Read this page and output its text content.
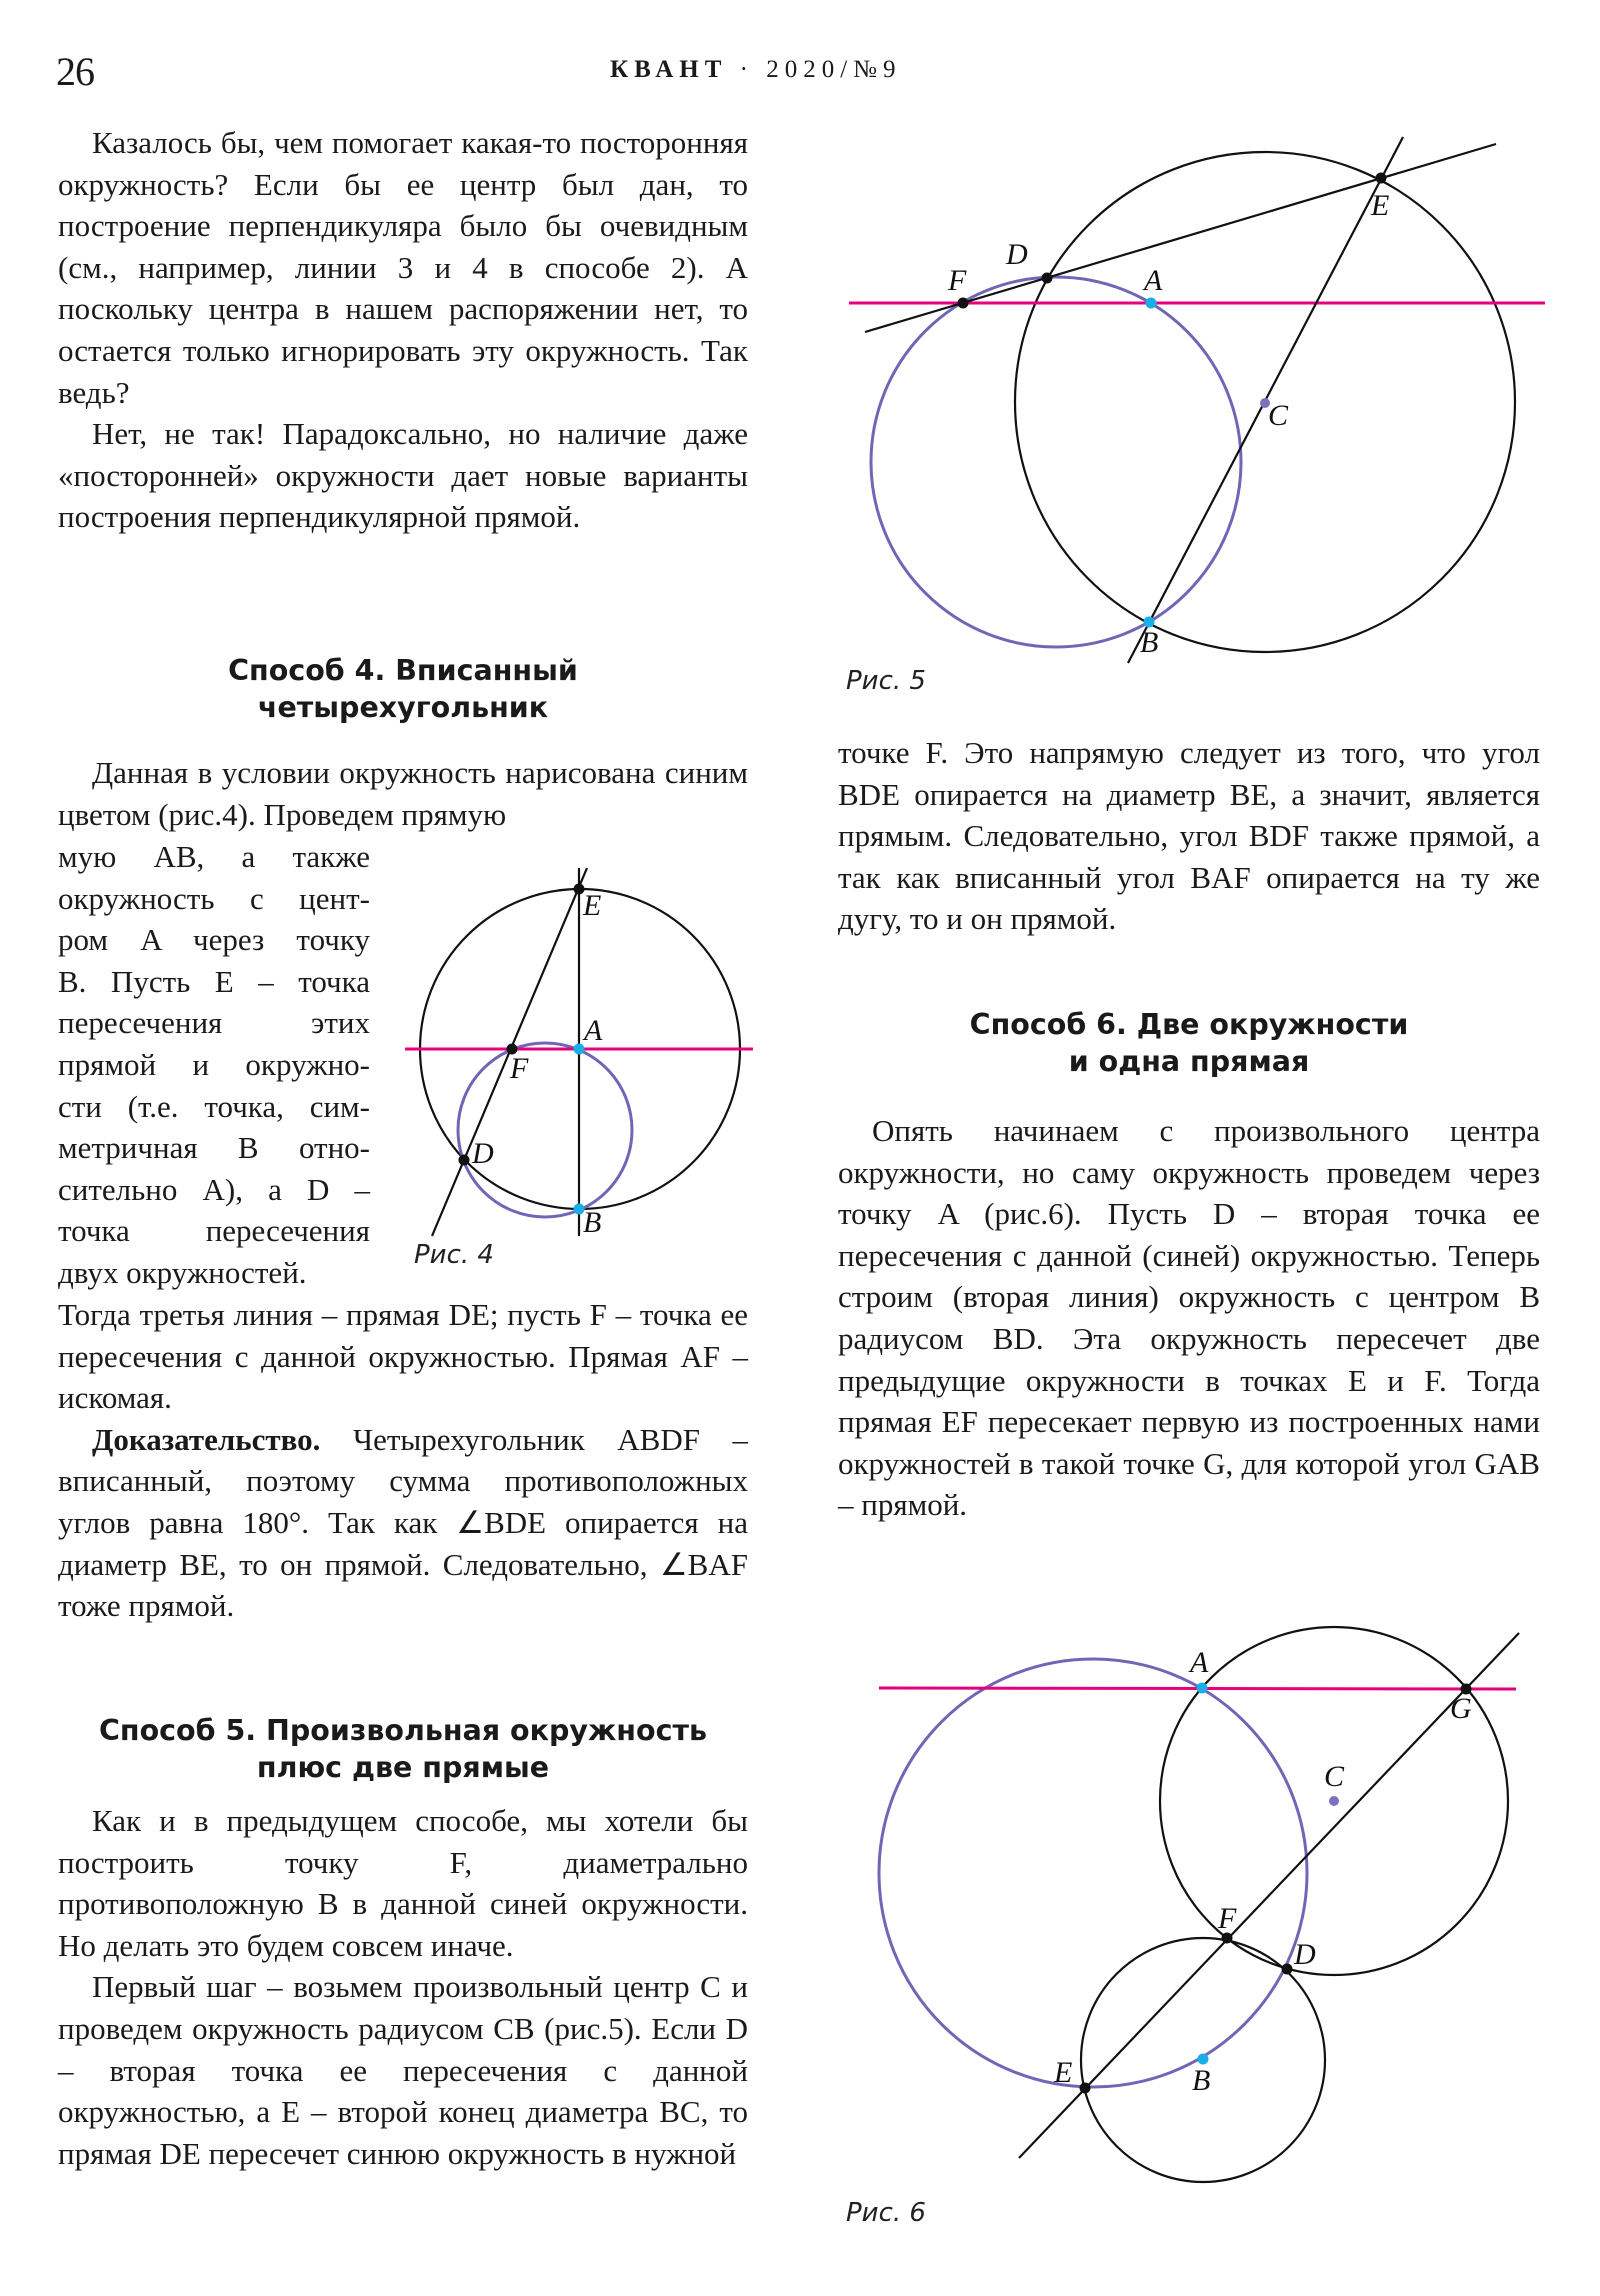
26	КВАНТ · 2020/№9

Казалось бы, чем помогает какая-то посторонняя окружность? Если бы ее центр был дан, то построение перпендикуляра было бы очевидным (см., например, линии 3 и 4 в способе 2). А поскольку центра в нашем распоряжении нет, то остается только игнорировать эту окружность. Так ведь?

Нет, не так! Парадоксально, но наличие даже «посторонней» окружности дает новые варианты построения перпендикулярной прямой.

Способ 4. Вписанный

четырехугольник

Данная в условии окружность нарисована синим цветом (рис.4). Проведем прямую

мую AB, а также

окружность с цент-

ром A через точку

B. Пусть E – точка

пересечения этих

прямой и окружно-

сти (т.е. точка, сим-

метричная B отно-

сительно A), а D –

точка пересечения

двух окружностей.

Тогда третья линия – прямая DE; пусть F – точка ее пересечения с данной окружностью. Прямая AF – искомая.

Доказательство. Четырехугольник ABDF – вписанный, поэтому сумма противоположных углов равна 180°. Так как ∠BDE опирается на диаметр BE, то он прямой. Следовательно, ∠BAF тоже прямой.

Способ 5. Произвольная окружность

плюс две прямые

Как и в предыдущем способе, мы хотели бы построить точку F, диаметрально противоположную B в данной синей окружности. Но делать это будем совсем иначе.

Первый шаг – возьмем произвольный центр C и проведем окружность радиусом CB (рис.5). Если D – вторая точка ее пересечения с данной окружностью, а E – второй конец диаметра BC, то прямая DE пересечет синюю окружность в нужной

точке F. Это напрямую следует из того, что угол BDE опирается на диаметр BE, а значит, является прямым. Следовательно, угол BDF также прямой, а так как вписанный угол BAF опирается на ту же дугу, то и он прямой.

Способ 6. Две окружности

и одна прямая

Опять начинаем с произвольного центра окружности, но саму окружность проведем через точку A (рис.6). Пусть D – вторая точка ее пересечения с данной (синей) окружностью. Теперь строим (вторая линия) окружность с центром B радиусом BD. Эта окружность пересечет две предыдущие окружности в точках E и F. Тогда прямая EF пересекает первую из построенных нами окружностей в такой точке G, для которой угол GAB – прямой.

E
A
F
D
B
F
D
A
E
C
B
A
G
C
F
D
E	B
Рис. 4
Рис. 5
Рис. 6
